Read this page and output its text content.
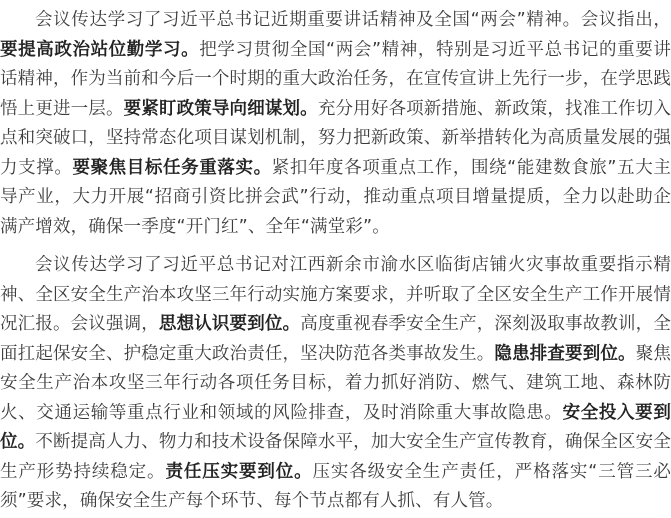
会议传达学习了习近平总书记近期重要讲话精神及全国“两会”精神。会议指出，要提高政治站位勤学习。把学习贯彻全国“两会”精神，特别是习近平总书记的重要讲话精神，作为当前和今后一个时期的重大政治任务，在宣传宣讲上先行一步，在学思践悟上更进一层。要紧盯政策导向细谋划。充分用好各项新措施、新政策，找准工作切入点和突破口，坚持常态化项目谋划机制，努力把新政策、新举措转化为高质量发展的强力支撑。要聚焦目标任务重落实。紧扣年度各项重点工作，围绕“能建数食旅”五大主导产业，大力开展“招商引资比拼会武”行动，推动重点项目增量提质，全力以赴助企满产增效，确保一季度“开门红”、全年“满堂彩”。

会议传达学习了习近平总书记对江西新余市渝水区临街店铺火灾事故重要指示精神、全区安全生产治本攻坚三年行动实施方案要求，并听取了全区安全生产工作开展情况汇报。会议强调，思想认识要到位。高度重视春季安全生产，深刻汲取事故教训，全面扛起保安全、护稳定重大政治责任，坚决防范各类事故发生。隐患排查要到位。聚焦安全生产治本攻坚三年行动各项任务目标，着力抓好消防、燃气、建筑工地、森林防火、交通运输等重点行业和领域的风险排查，及时消除重大事故隐患。安全投入要到位。不断提高人力、物力和技术设备保障水平，加大安全生产宣传教育，确保全区安全生产形势持续稳定。责任压实要到位。压实各级安全生产责任，严格落实“三管三必须”要求，确保安全生产每个环节、每个节点都有人抓、有人管。
